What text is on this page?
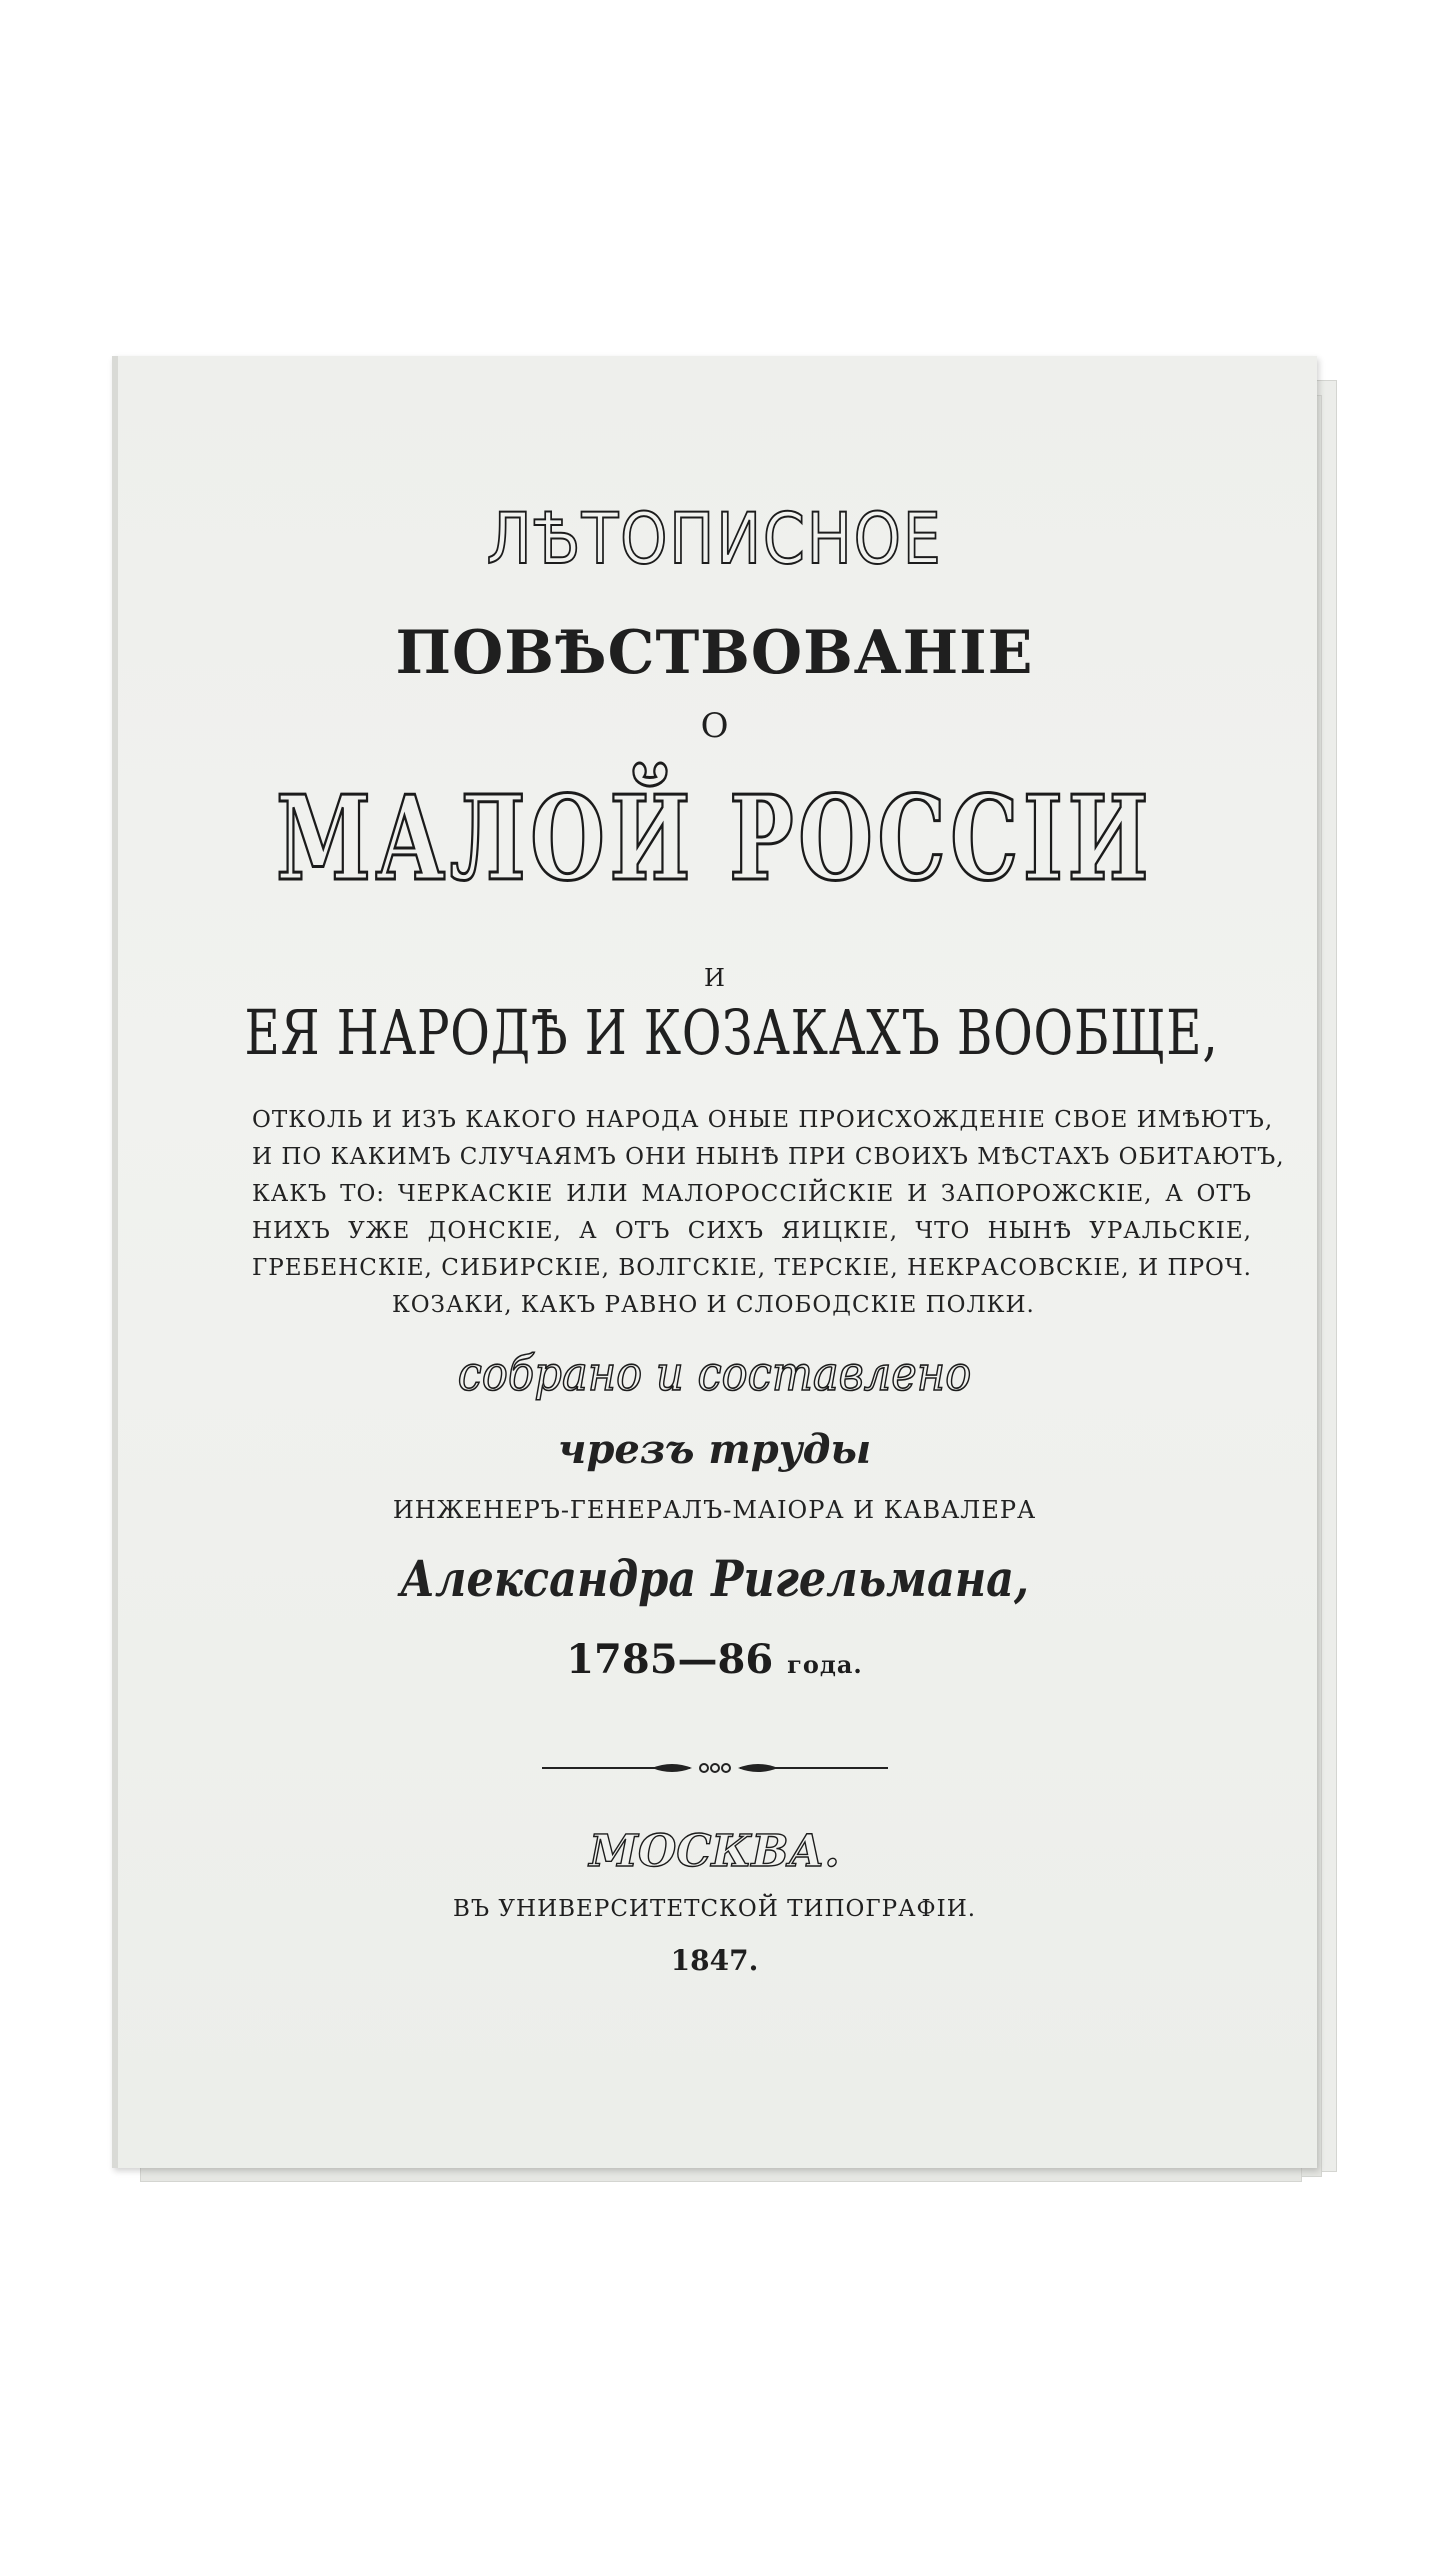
ЛѢТОПИСНОЕ
ПОВѢСТВОВАНІЕ
О
МАЛОЙ РОССІИ
И
ЕЯ НАРОДѢ И КОЗАКАХЪ ВООБЩЕ,
ОТКОЛЬ И ИЗЪ КАКОГО НАРОДА ОНЫЕ ПРОИСХОЖДЕНІЕ СВОЕ ИМѢЮТЪ,
И ПО КАКИМЪ СЛУЧАЯМЪ ОНИ НЫНѢ ПРИ СВОИХЪ МѢСТАХЪ ОБИТАЮТЪ,
КАКЪ ТО: ЧЕРКАСКІЕ ИЛИ МАЛОРОССІЙСКІЕ И ЗАПОРОЖСКІЕ, А ОТЪ
НИХЪ УЖЕ ДОНСКІЕ, А ОТЪ СИХЪ ЯИЦКІЕ, ЧТО НЫНѢ УРАЛЬСКІЕ,
ГРЕБЕНСКІЕ, СИБИРСКІЕ, ВОЛГСКІЕ, ТЕРСКІЕ, НЕКРАСОВСКІЕ, И ПРОЧ.
КОЗАКИ, КАКЪ РАВНО И СЛОБОДСКІЕ ПОЛКИ.
собрано и составлено
чрезъ труды
ИНЖЕНЕРЪ-ГЕНЕРАЛЪ-МАІОРА И КАВАЛЕРА
Александра Ригельмана,
1785—86 года.
МОСКВА.
ВЪ УНИВЕРСИТЕТСКОЙ ТИПОГРАФІИ.
1847.
